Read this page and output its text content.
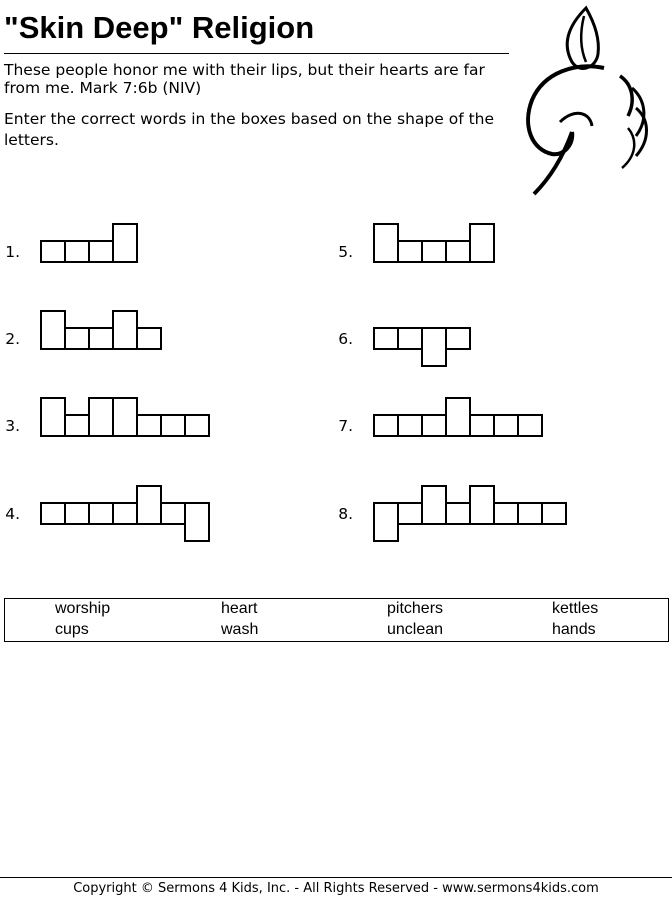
"Skin Deep" Religion
These people honor me with their lips, but their hearts are far from me. Mark 7:6b (NIV)
Enter the correct words in the boxes based on the shape of the letters.
1.
2.
3.
4.
5.
6.
7.
8.
worship	heart	pitchers	kettles
cups	wash	unclean	hands
Copyright © Sermons 4 Kids, Inc. - All Rights Reserved - www.sermons4kids.com
